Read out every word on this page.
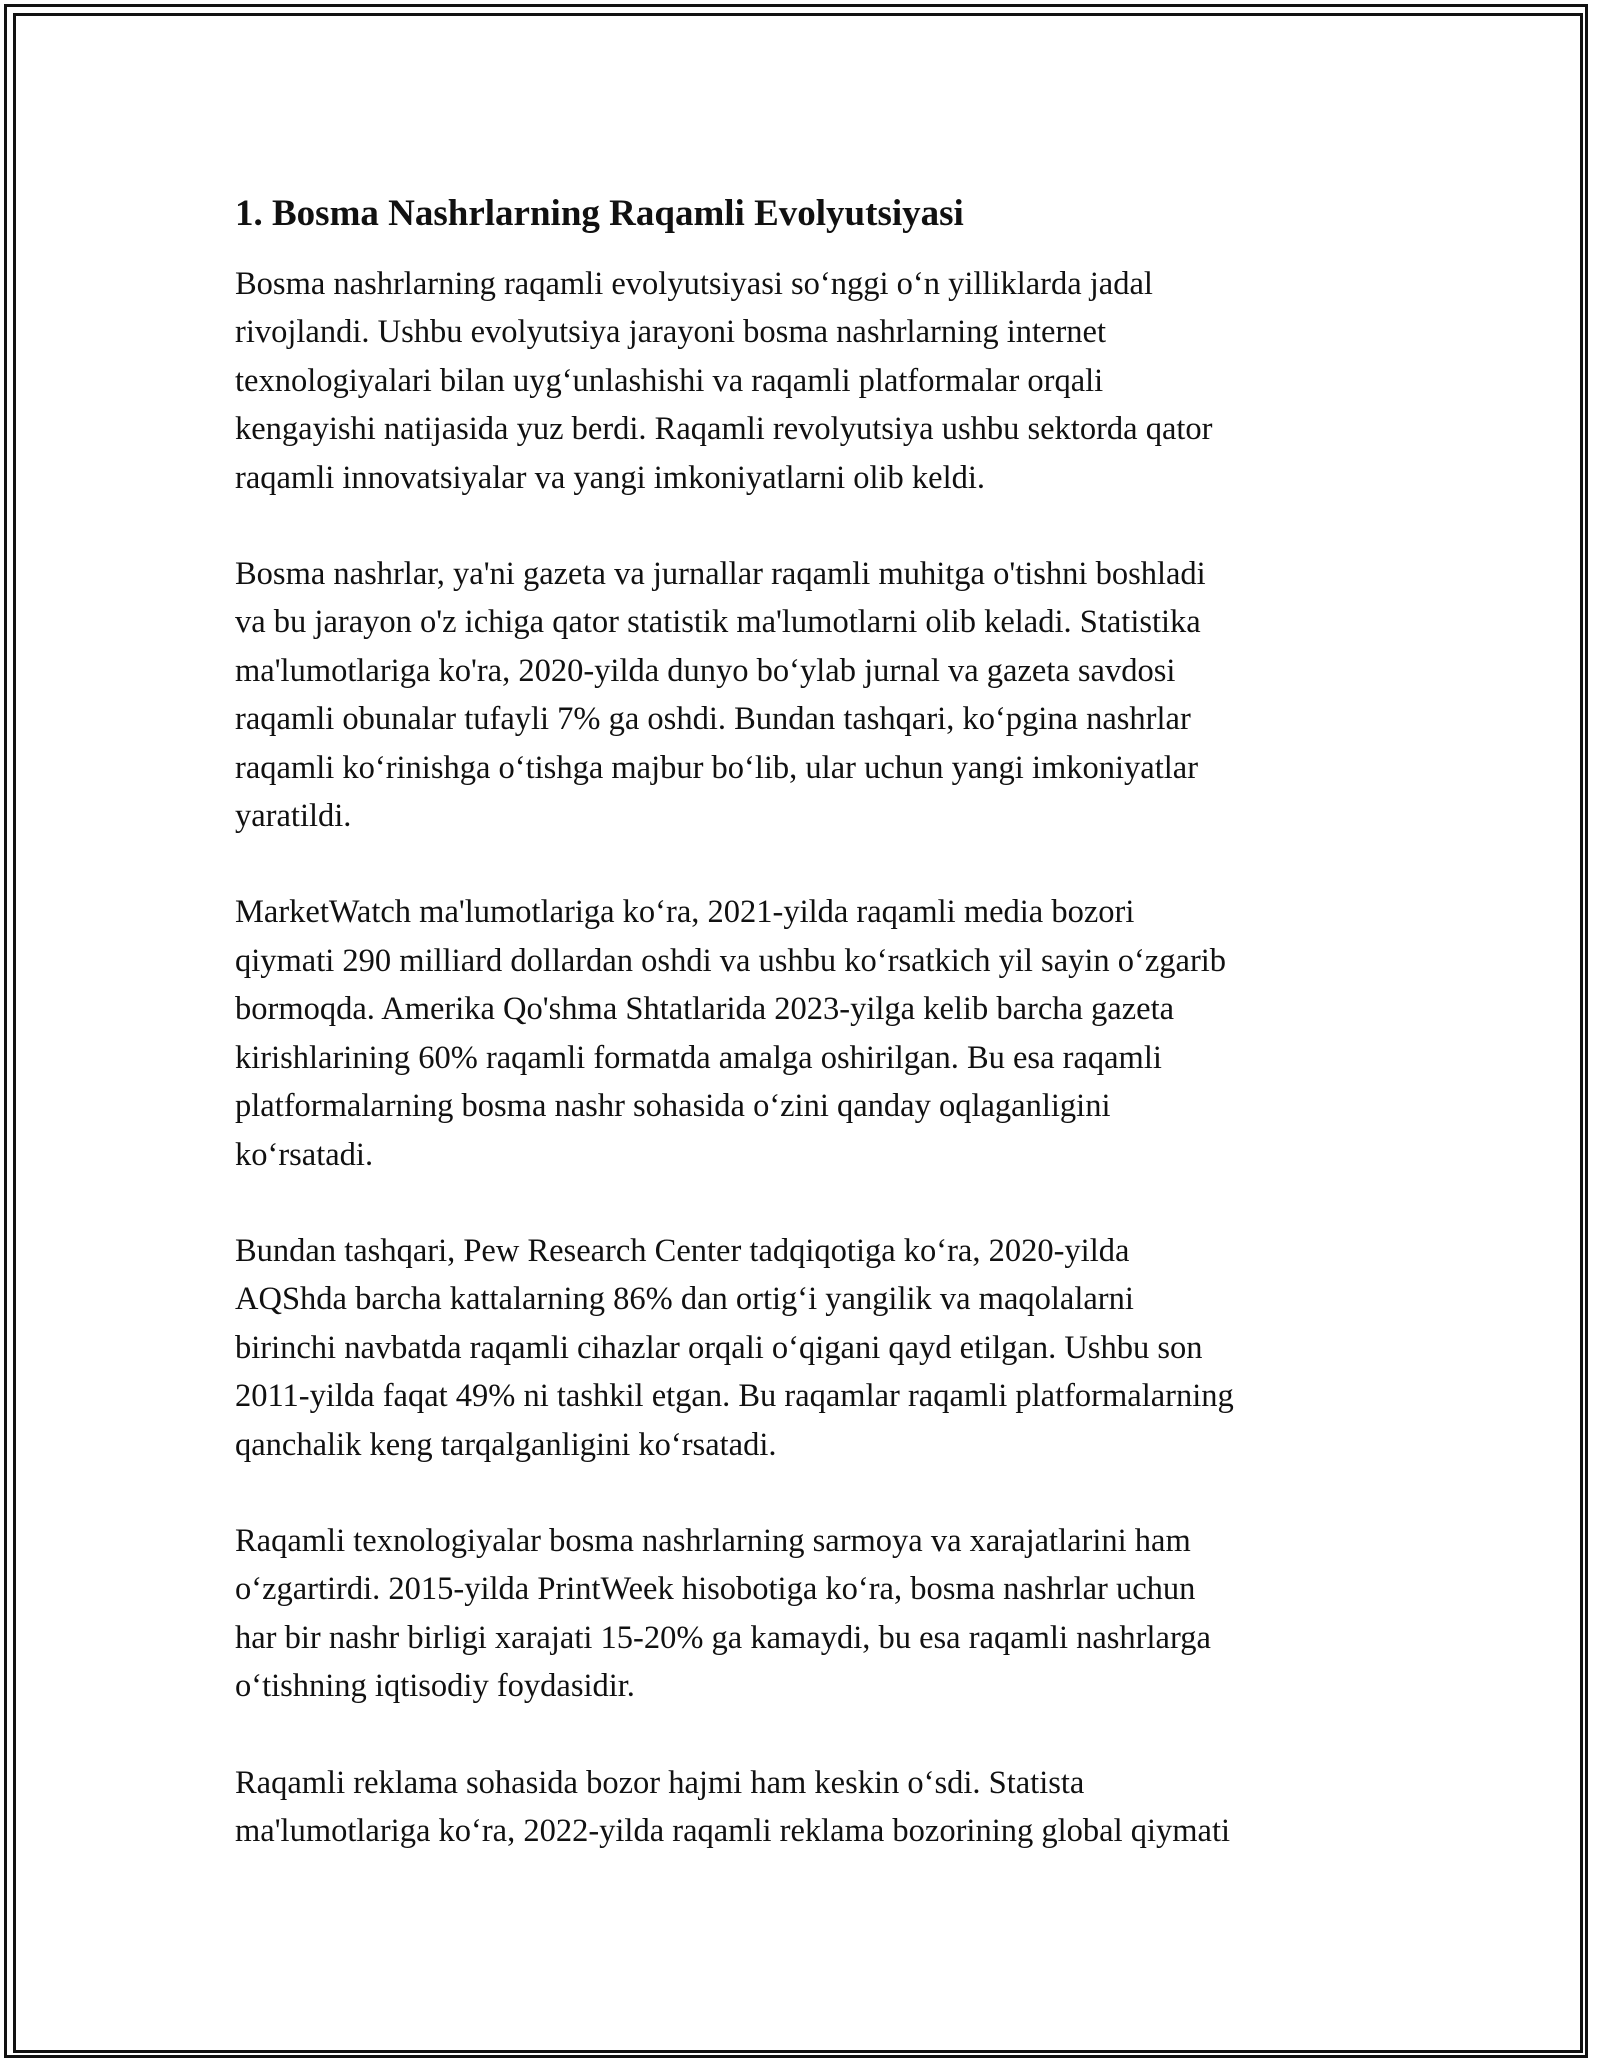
1. Bosma Nashrlarning Raqamli Evolyutsiyasi

Bosma nashrlarning raqamli evolyutsiyasi so‘nggi o‘n yilliklarda jadal
rivojlandi. Ushbu evolyutsiya jarayoni bosma nashrlarning internet
texnologiyalari bilan uyg‘unlashishi va raqamli platformalar orqali
kengayishi natijasida yuz berdi. Raqamli revolyutsiya ushbu sektorda qator
raqamli innovatsiyalar va yangi imkoniyatlarni olib keldi.

Bosma nashrlar, ya'ni gazeta va jurnallar raqamli muhitga o'tishni boshladi
va bu jarayon o'z ichiga qator statistik ma'lumotlarni olib keladi. Statistika
ma'lumotlariga ko'ra, 2020-yilda dunyo bo‘ylab jurnal va gazeta savdosi
raqamli obunalar tufayli 7% ga oshdi. Bundan tashqari, ko‘pgina nashrlar
raqamli ko‘rinishga o‘tishga majbur bo‘lib, ular uchun yangi imkoniyatlar
yaratildi.

MarketWatch ma'lumotlariga ko‘ra, 2021-yilda raqamli media bozori
qiymati 290 milliard dollardan oshdi va ushbu ko‘rsatkich yil sayin o‘zgarib
bormoqda. Amerika Qo'shma Shtatlarida 2023-yilga kelib barcha gazeta
kirishlarining 60% raqamli formatda amalga oshirilgan. Bu esa raqamli
platformalarning bosma nashr sohasida o‘zini qanday oqlaganligini
ko‘rsatadi.

Bundan tashqari, Pew Research Center tadqiqotiga ko‘ra, 2020-yilda
AQShda barcha kattalarning 86% dan ortig‘i yangilik va maqolalarni
birinchi navbatda raqamli cihazlar orqali o‘qigani qayd etilgan. Ushbu son
2011-yilda faqat 49% ni tashkil etgan. Bu raqamlar raqamli platformalarning
qanchalik keng tarqalganligini ko‘rsatadi.

Raqamli texnologiyalar bosma nashrlarning sarmoya va xarajatlarini ham
o‘zgartirdi. 2015-yilda PrintWeek hisobotiga ko‘ra, bosma nashrlar uchun
har bir nashr birligi xarajati 15-20% ga kamaydi, bu esa raqamli nashrlarga
o‘tishning iqtisodiy foydasidir.

Raqamli reklama sohasida bozor hajmi ham keskin o‘sdi. Statista
ma'lumotlariga ko‘ra, 2022-yilda raqamli reklama bozorining global qiymati
